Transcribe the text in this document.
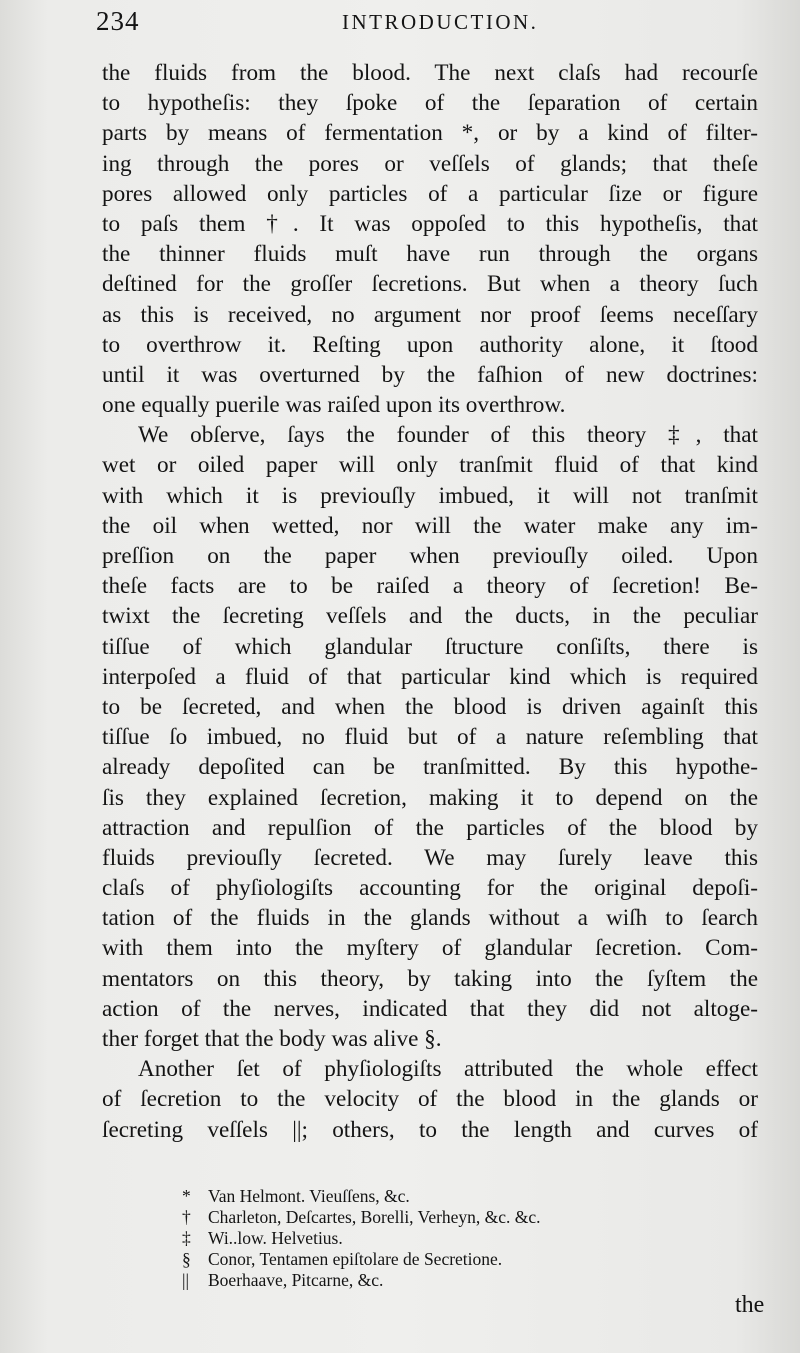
234	INTRODUCTION.
the fluids from the blood. The next claſs had recourſe
to hypotheſis: they ſpoke of the ſeparation of certain
parts by means of fermentation *, or by a kind of filter-
ing through the pores or veſſels of glands; that theſe
pores allowed only particles of a particular ſize or figure
to paſs them †. It was oppoſed to this hypotheſis, that
the thinner fluids muſt have run through the organs
deſtined for the groſſer ſecretions. But when a theory ſuch
as this is received, no argument nor proof ſeems neceſſary
to overthrow it. Reſting upon authority alone, it ſtood
until it was overturned by the faſhion of new doctrines:
one equally puerile was raiſed upon its overthrow.
We obſerve, ſays the founder of this theory ‡, that
wet or oiled paper will only tranſmit fluid of that kind
with which it is previouſly imbued, it will not tranſmit
the oil when wetted, nor will the water make any im-
preſſion on the paper when previouſly oiled. Upon
theſe facts are to be raiſed a theory of ſecretion! Be-
twixt the ſecreting veſſels and the ducts, in the peculiar
tiſſue of which glandular ſtructure conſiſts, there is
interpoſed a fluid of that particular kind which is required
to be ſecreted, and when the blood is driven againſt this
tiſſue ſo imbued, no fluid but of a nature reſembling that
already depoſited can be tranſmitted. By this hypothe-
ſis they explained ſecretion, making it to depend on the
attraction and repulſion of the particles of the blood by
fluids previouſly ſecreted. We may ſurely leave this
claſs of phyſiologiſts accounting for the original depoſi-
tation of the fluids in the glands without a wiſh to ſearch
with them into the myſtery of glandular ſecretion. Com-
mentators on this theory, by taking into the ſyſtem the
action of the nerves, indicated that they did not altoge-
ther forget that the body was alive §.
Another ſet of phyſiologiſts attributed the whole effect
of ſecretion to the velocity of the blood in the glands or
ſecreting veſſels ||; others, to the length and curves of
* Van Helmont. Vieuſſens, &c.
† Charleton, Deſcartes, Borelli, Verheyn, &c. &c.
‡ Wi..low. Helvetius.
§ Conor, Tentamen epiſtolare de Secretione.
|| Boerhaave, Pitcarne, &c.
the
